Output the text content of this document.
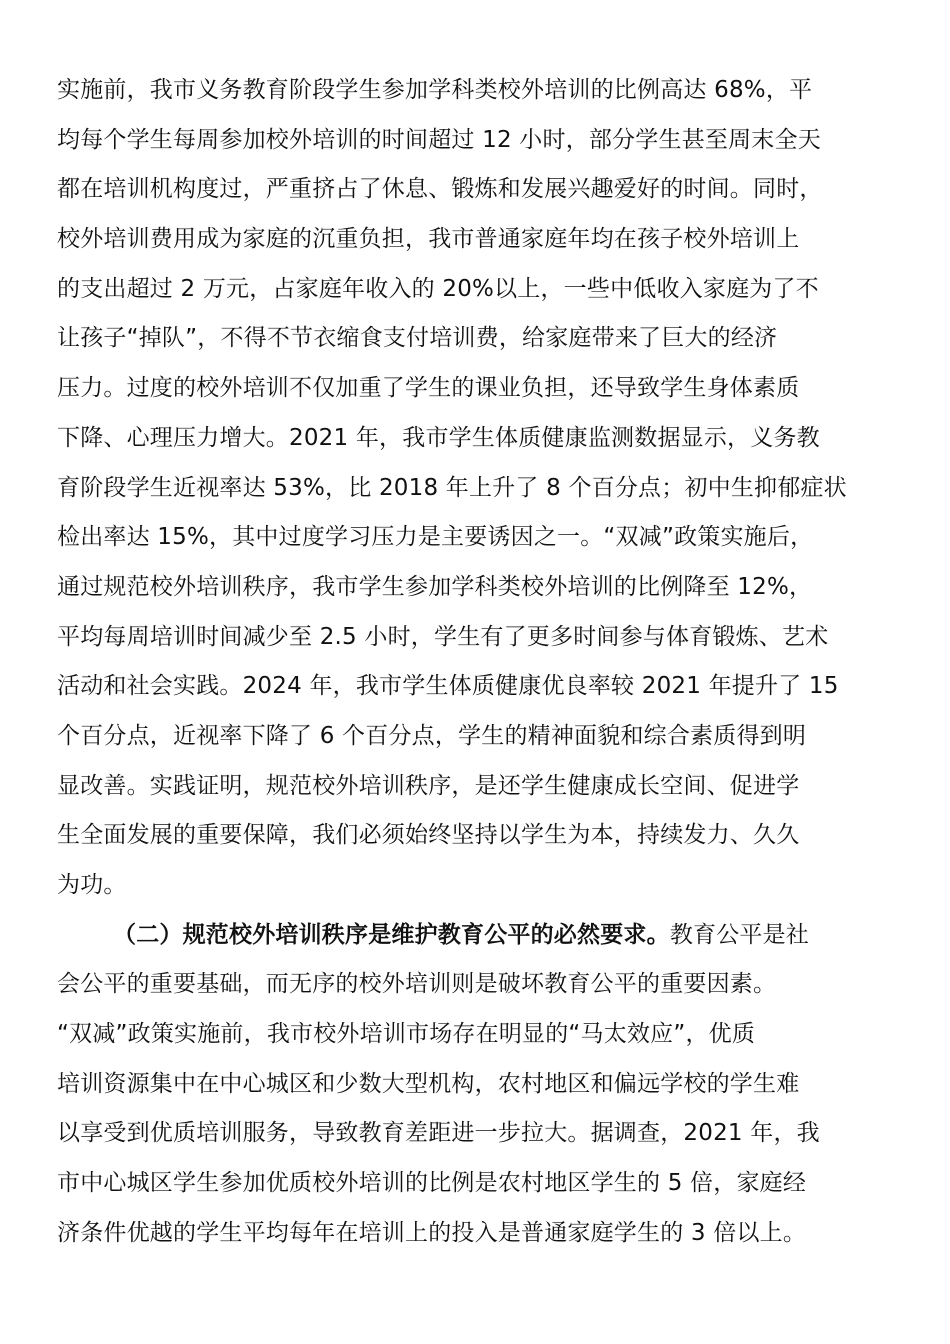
实施前，我市义务教育阶段学生参加学科类校外培训的比例高达 68%，平
均每个学生每周参加校外培训的时间超过 12 小时，部分学生甚至周末全天
都在培训机构度过，严重挤占了休息、锻炼和发展兴趣爱好的时间。同时，
校外培训费用成为家庭的沉重负担，我市普通家庭年均在孩子校外培训上
的支出超过 2 万元，占家庭年收入的 20%以上，一些中低收入家庭为了不
让孩子“掉队”，不得不节衣缩食支付培训费，给家庭带来了巨大的经济
压力。过度的校外培训不仅加重了学生的课业负担，还导致学生身体素质
下降、心理压力增大。2021 年，我市学生体质健康监测数据显示，义务教
育阶段学生近视率达 53%，比 2018 年上升了 8 个百分点；初中生抑郁症状
检出率达 15%，其中过度学习压力是主要诱因之一。“双减”政策实施后，
通过规范校外培训秩序，我市学生参加学科类校外培训的比例降至 12%，
平均每周培训时间减少至 2.5 小时，学生有了更多时间参与体育锻炼、艺术
活动和社会实践。2024 年，我市学生体质健康优良率较 2021 年提升了 15
个百分点，近视率下降了 6 个百分点，学生的精神面貌和综合素质得到明
显改善。实践证明，规范校外培训秩序，是还学生健康成长空间、促进学
生全面发展的重要保障，我们必须始终坚持以学生为本，持续发力、久久
为功。
（二）规范校外培训秩序是维护教育公平的必然要求。教育公平是社
会公平的重要基础，而无序的校外培训则是破坏教育公平的重要因素。
“双减”政策实施前，我市校外培训市场存在明显的“马太效应”，优质
培训资源集中在中心城区和少数大型机构，农村地区和偏远学校的学生难
以享受到优质培训服务，导致教育差距进一步拉大。据调查，2021 年，我
市中心城区学生参加优质校外培训的比例是农村地区学生的 5 倍，家庭经
济条件优越的学生平均每年在培训上的投入是普通家庭学生的 3 倍以上。
